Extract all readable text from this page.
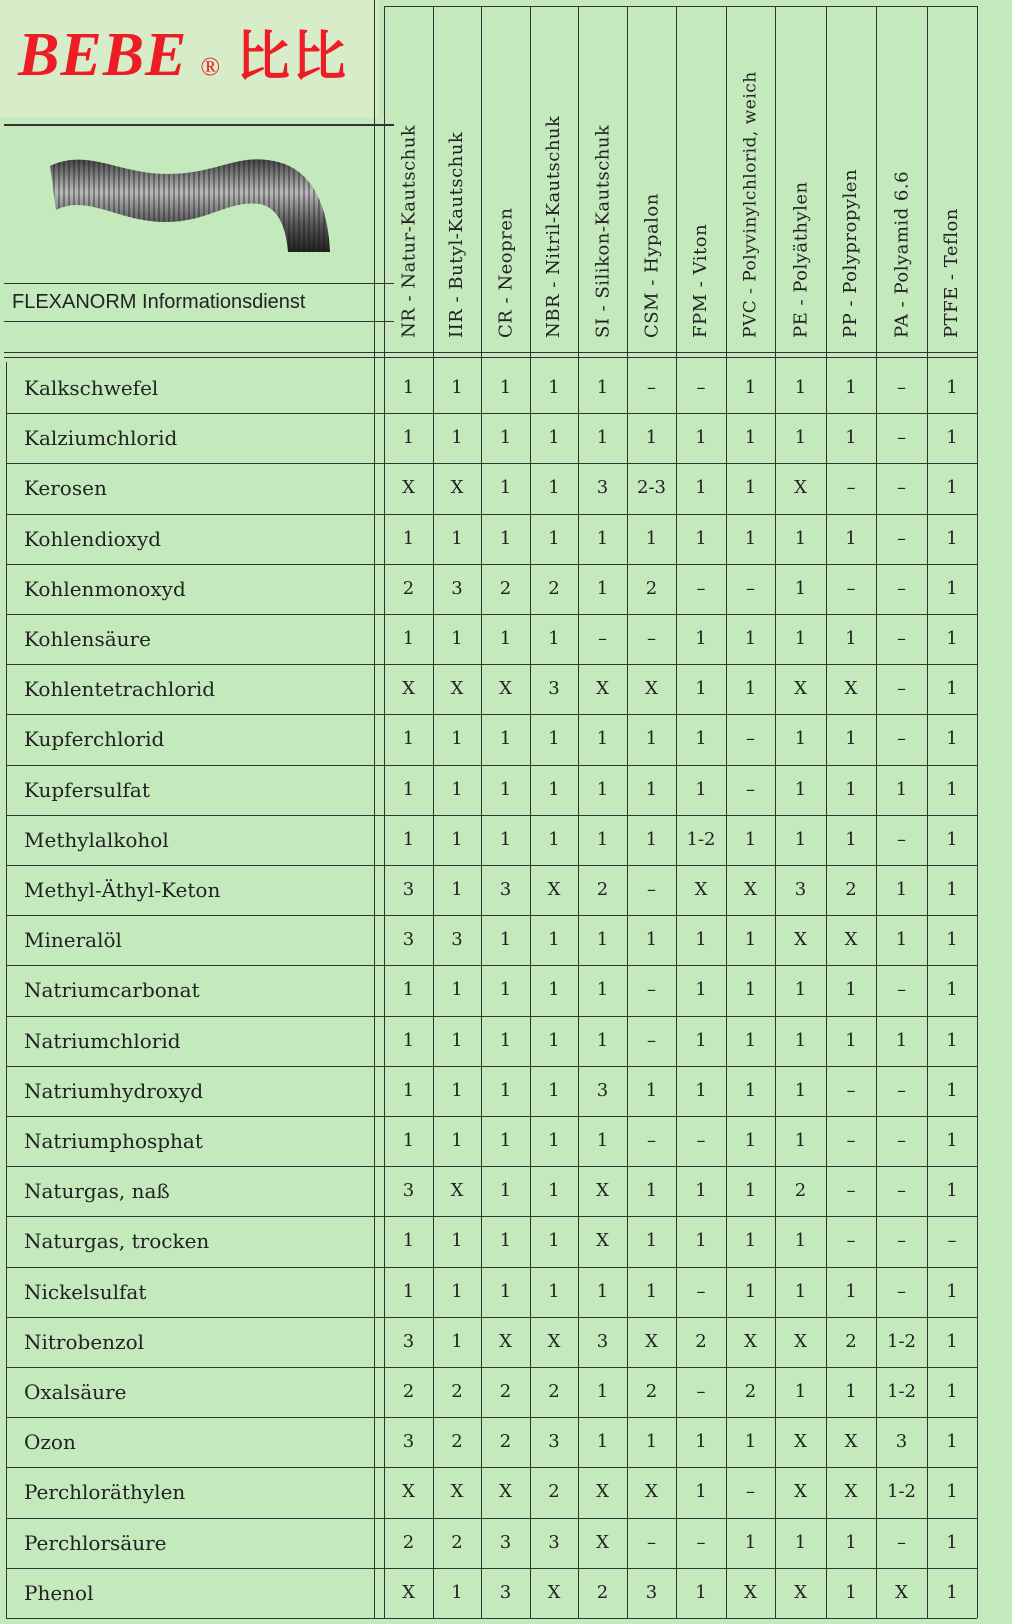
BEBE ® 比比
FLEXANORM Informationsdienst	NR - Natur-Kautschuk	IIR - Butyl-Kautschuk	CR - Neopren	NBR - Nitril-Kautschuk	SI - Silikon-Kautschuk	CSM - Hypalon	FPM - Viton	PVC - Polyvinylchlorid, weich	PE - Polyäthylen	PP - Polypropylen	PA - Polyamid 6.6	PTFE - Teflon
Kalkschwefel	1	1	1	1	1	–	–	1	1	1	–	1
Kalziumchlorid	1	1	1	1	1	1	1	1	1	1	–	1
Kerosen	X	X	1	1	3	2-3	1	1	X	–	–	1
Kohlendioxyd	1	1	1	1	1	1	1	1	1	1	–	1
Kohlenmonoxyd	2	3	2	2	1	2	–	–	1	–	–	1
Kohlensäure	1	1	1	1	–	–	1	1	1	1	–	1
Kohlentetrachlorid	X	X	X	3	X	X	1	1	X	X	–	1
Kupferchlorid	1	1	1	1	1	1	1	–	1	1	–	1
Kupfersulfat	1	1	1	1	1	1	1	–	1	1	1	1
Methylalkohol	1	1	1	1	1	1	1-2	1	1	1	–	1
Methyl-Äthyl-Keton	3	1	3	X	2	–	X	X	3	2	1	1
Mineralöl	3	3	1	1	1	1	1	1	X	X	1	1
Natriumcarbonat	1	1	1	1	1	–	1	1	1	1	–	1
Natriumchlorid	1	1	1	1	1	–	1	1	1	1	1	1
Natriumhydroxyd	1	1	1	1	3	1	1	1	1	–	–	1
Natriumphosphat	1	1	1	1	1	–	–	1	1	–	–	1
Naturgas, naß	3	X	1	1	X	1	1	1	2	–	–	1
Naturgas, trocken	1	1	1	1	X	1	1	1	1	–	–	–
Nickelsulfat	1	1	1	1	1	1	–	1	1	1	–	1
Nitrobenzol	3	1	X	X	3	X	2	X	X	2	1-2	1
Oxalsäure	2	2	2	2	1	2	–	2	1	1	1-2	1
Ozon	3	2	2	3	1	1	1	1	X	X	3	1
Perchloräthylen	X	X	X	2	X	X	1	–	X	X	1-2	1
Perchlorsäure	2	2	3	3	X	–	–	1	1	1	–	1
Phenol	X	1	3	X	2	3	1	X	X	1	X	1
